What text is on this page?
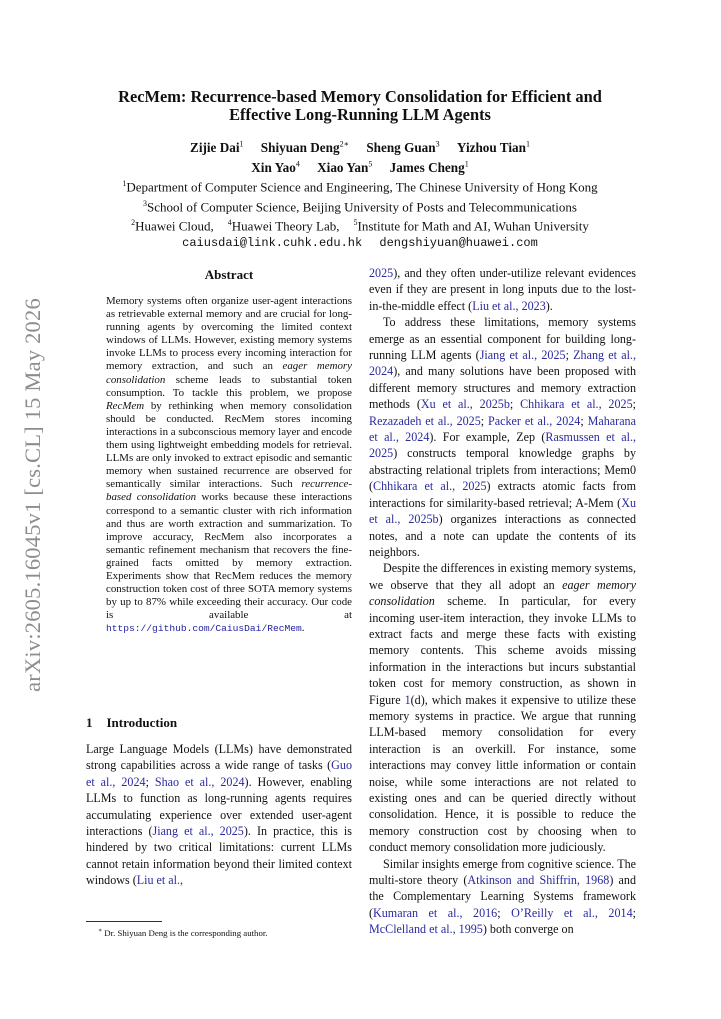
arXiv:2605.16045v1 [cs.CL] 15 May 2026
RecMem: Recurrence-based Memory Consolidation for Efficient and
Effective Long-Running LLM Agents
Zijie Dai$^1$ Shiyuan Deng$^{2∗}$ Sheng Guan$^3$ Yizhou Tian$^1$
Xin Yao$^4$ Xiao Yan$^5$ James Cheng$^1$
$^1$Department of Computer Science and Engineering, The Chinese University of Hong Kong
$^3$School of Computer Science, Beijing University of Posts and Telecommunications
$^2$Huawei Cloud, $^4$Huawei Theory Lab, $^5$Institute for Math and AI, Wuhan University
caiusdai@link.cuhk.edu.hk dengshiyuan@huawei.com
Abstract
Memory systems often organize user-agent interactions as retrievable external memory and are crucial for long-running agents by overcoming the limited context windows of LLMs. However, existing memory systems invoke LLMs to process every incoming interaction for memory extraction, and such an eager memory consolidation scheme leads to substantial token consumption. To tackle this problem, we propose RecMem by rethinking when memory consolidation should be conducted. RecMem stores incoming interactions in a subconscious memory layer and encode them using lightweight embedding models for retrieval. LLMs are only invoked to extract episodic and semantic memory when sustained recurrence are observed for semantically similar interactions. Such recurrence-based consolidation works because these interactions correspond to a semantic cluster with rich information and thus are worth extraction and summarization. To improve accuracy, RecMem also incorporates a semantic refinement mechanism that recovers the fine-grained facts omitted by memory extraction. Experiments show that RecMem reduces the memory construction token cost of three SOTA memory systems by up to 87% while exceeding their accuracy. Our code is available at https://github.com/CaiusDai/RecMem.
1 Introduction

Large Language Models (LLMs) have demonstrated strong capabilities across a wide range of tasks (Guo et al., 2024; Shao et al., 2024). However, enabling LLMs to function as long-running agents requires accumulating experience over extended user-agent interactions (Jiang et al., 2025). In practice, this is hindered by two critical limitations: current LLMs cannot retain information beyond their limited context windows (Liu et al.,

2025), and they often under-utilize relevant evidences even if they are present in long inputs due to the lost-in-the-middle effect (Liu et al., 2023).

To address these limitations, memory systems emerge as an essential component for building long-running LLM agents (Jiang et al., 2025; Zhang et al., 2024), and many solutions have been proposed with different memory structures and memory extraction methods (Xu et al., 2025b; Chhikara et al., 2025; Rezazadeh et al., 2025; Packer et al., 2024; Maharana et al., 2024). For example, Zep (Rasmussen et al., 2025) constructs temporal knowledge graphs by abstracting relational triplets from interactions; Mem0 (Chhikara et al., 2025) extracts atomic facts from interactions for similarity-based retrieval; A-Mem (Xu et al., 2025b) organizes interactions as connected notes, and a note can update the contents of its neighbors.

Despite the differences in existing memory systems, we observe that they all adopt an eager memory consolidation scheme. In particular, for every incoming user-item interaction, they invoke LLMs to extract facts and merge these facts with existing memory contents. This scheme avoids missing information in the interactions but incurs substantial token cost for memory construction, as shown in Figure 1(d), which makes it expensive to utilize these memory systems in practice. We argue that running LLM-based memory consolidation for every interaction is an overkill. For instance, some interactions may convey little information or contain noise, while some interactions are not related to existing ones and can be queried directly without consolidation. Hence, it is possible to reduce the memory construction cost by choosing when to conduct memory consolidation more judiciously.

Similar insights emerge from cognitive science. The multi-store theory (Atkinson and Shiffrin, 1968) and the Complementary Learning Systems framework (Kumaran et al., 2016; O’Reilly et al., 2014; McClelland et al., 1995) both converge on

∗ Dr. Shiyuan Deng is the corresponding author.
